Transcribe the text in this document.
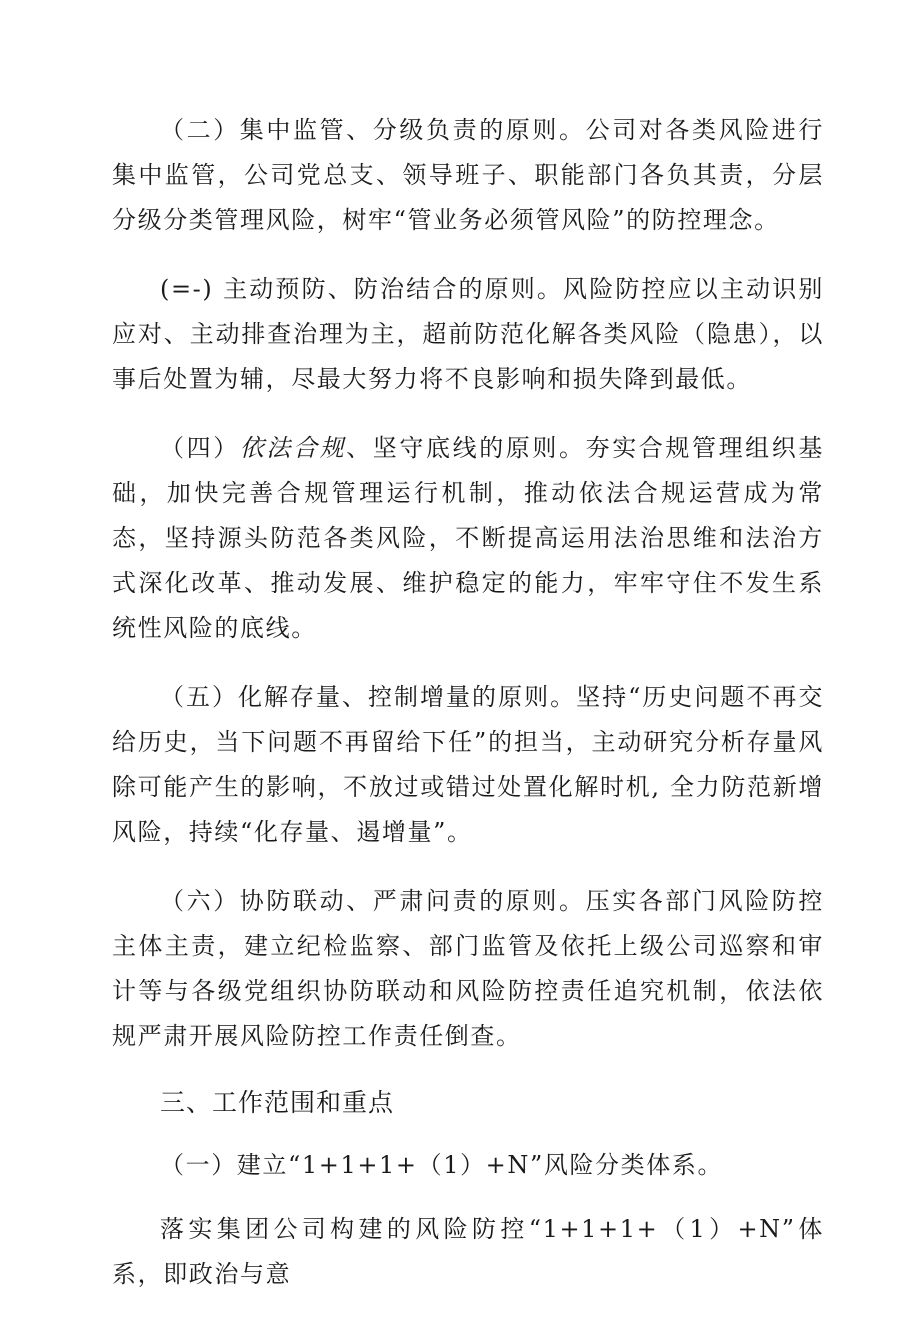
（二）集中监管、分级负责的原则。公司对各类风险进行集中监管，公司党总支、领导班子、职能部门各负其责，分层分级分类管理风险，树牢“管业务必须管风险”的防控理念。

(=-) 主动预防、防治结合的原则。风险防控应以主动识别应对、主动排查治理为主，超前防范化解各类风险（隐患），以事后处置为辅，尽最大努力将不良影响和损失降到最低。

（四）依法合规、坚守底线的原则。夯实合规管理组织基础，加快完善合规管理运行机制，推动依法合规运营成为常态，坚持源头防范各类风险，不断提高运用法治思维和法治方式深化改革、推动发展、维护稳定的能力，牢牢守住不发生系统性风险的底线。

（五）化解存量、控制增量的原则。坚持“历史问题不再交给历史，当下问题不再留给下任”的担当，主动研究分析存量风除可能产生的影响，不放过或错过处置化解时机, 全力防范新增风险，持续“化存量、遏增量”。

（六）协防联动、严肃问责的原则。压实各部门风险防控主体主责，建立纪检监察、部门监管及依托上级公司巡察和审计等与各级党组织协防联动和风险防控责任追究机制，依法依规严肃开展风险防控工作责任倒查。

三、工作范围和重点
（一）建立“1+1+1+（1）+N”风险分类体系。

落实集团公司构建的风险防控“1+1+1+（1）+N”体系，即政治与意
